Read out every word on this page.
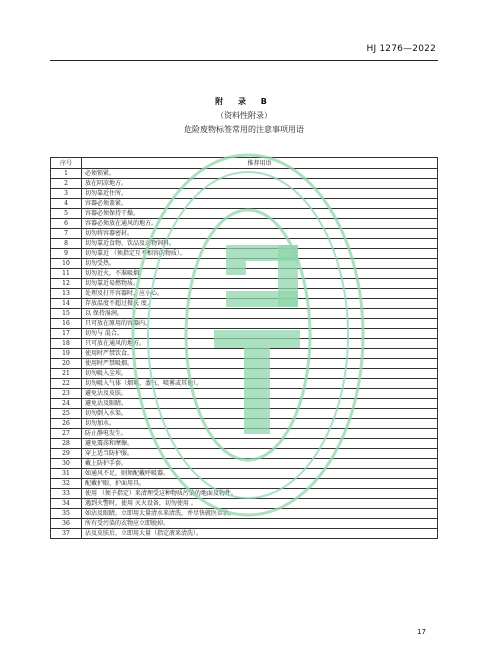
HJ 1276—2022
附 录 B
（资料性附录）
危险废物标签常用的注意事项用语
序号	推荐用语
1	必须锁紧。
2	放在阴凉地方。
3	切勿靠近住所。
4	容器必须盖紧。
5	容器必须保持干燥。
6	容器必须放在通风的地方。
7	切勿将容器密封。
8	切勿靠近食物、饮品及动物饲料。
9	切勿靠近 （须指定互不相容的物质）。
10	切勿受热。
11	切勿近火，不准吸烟。
12	切勿靠近易燃物质。
13	处理及打开容器时，应小心。
14	存放温度不超过摄氏 度。
15	以 保持湿润。
16	只可放在原用的容器内。
17	切勿与 混合。
18	只可放在通风的地方。
19	使用时严禁饮食。
20	使用时严禁吸烟。
21	切勿吸入尘埃。
22	切勿吸入气体（烟雾、蒸气、喷雾或其他）。
23	避免沾及皮肤。
24	避免沾及眼睛。
25	切勿倒入水渠。
26	切勿加水。
27	防止静电发生。
28	避免震荡和摩擦。
29	穿上适当防护服。
30	戴上防护手套。
31	如通风不足，则须配戴呼吸器。
32	配戴护眼、护面用具。
33	使用 （须予指定）来清理受这种物质污染的地面及物件。
34	遇到火警时，使用 灭火设备，切勿使用 。
35	如沾及眼睛，立即用大量清水来清洗，并尽快就医诊治。
36	所有受污染的衣物应立即脱掉。
37	沾及皮肤后，立即用大量（指定液来清洗）。
17
